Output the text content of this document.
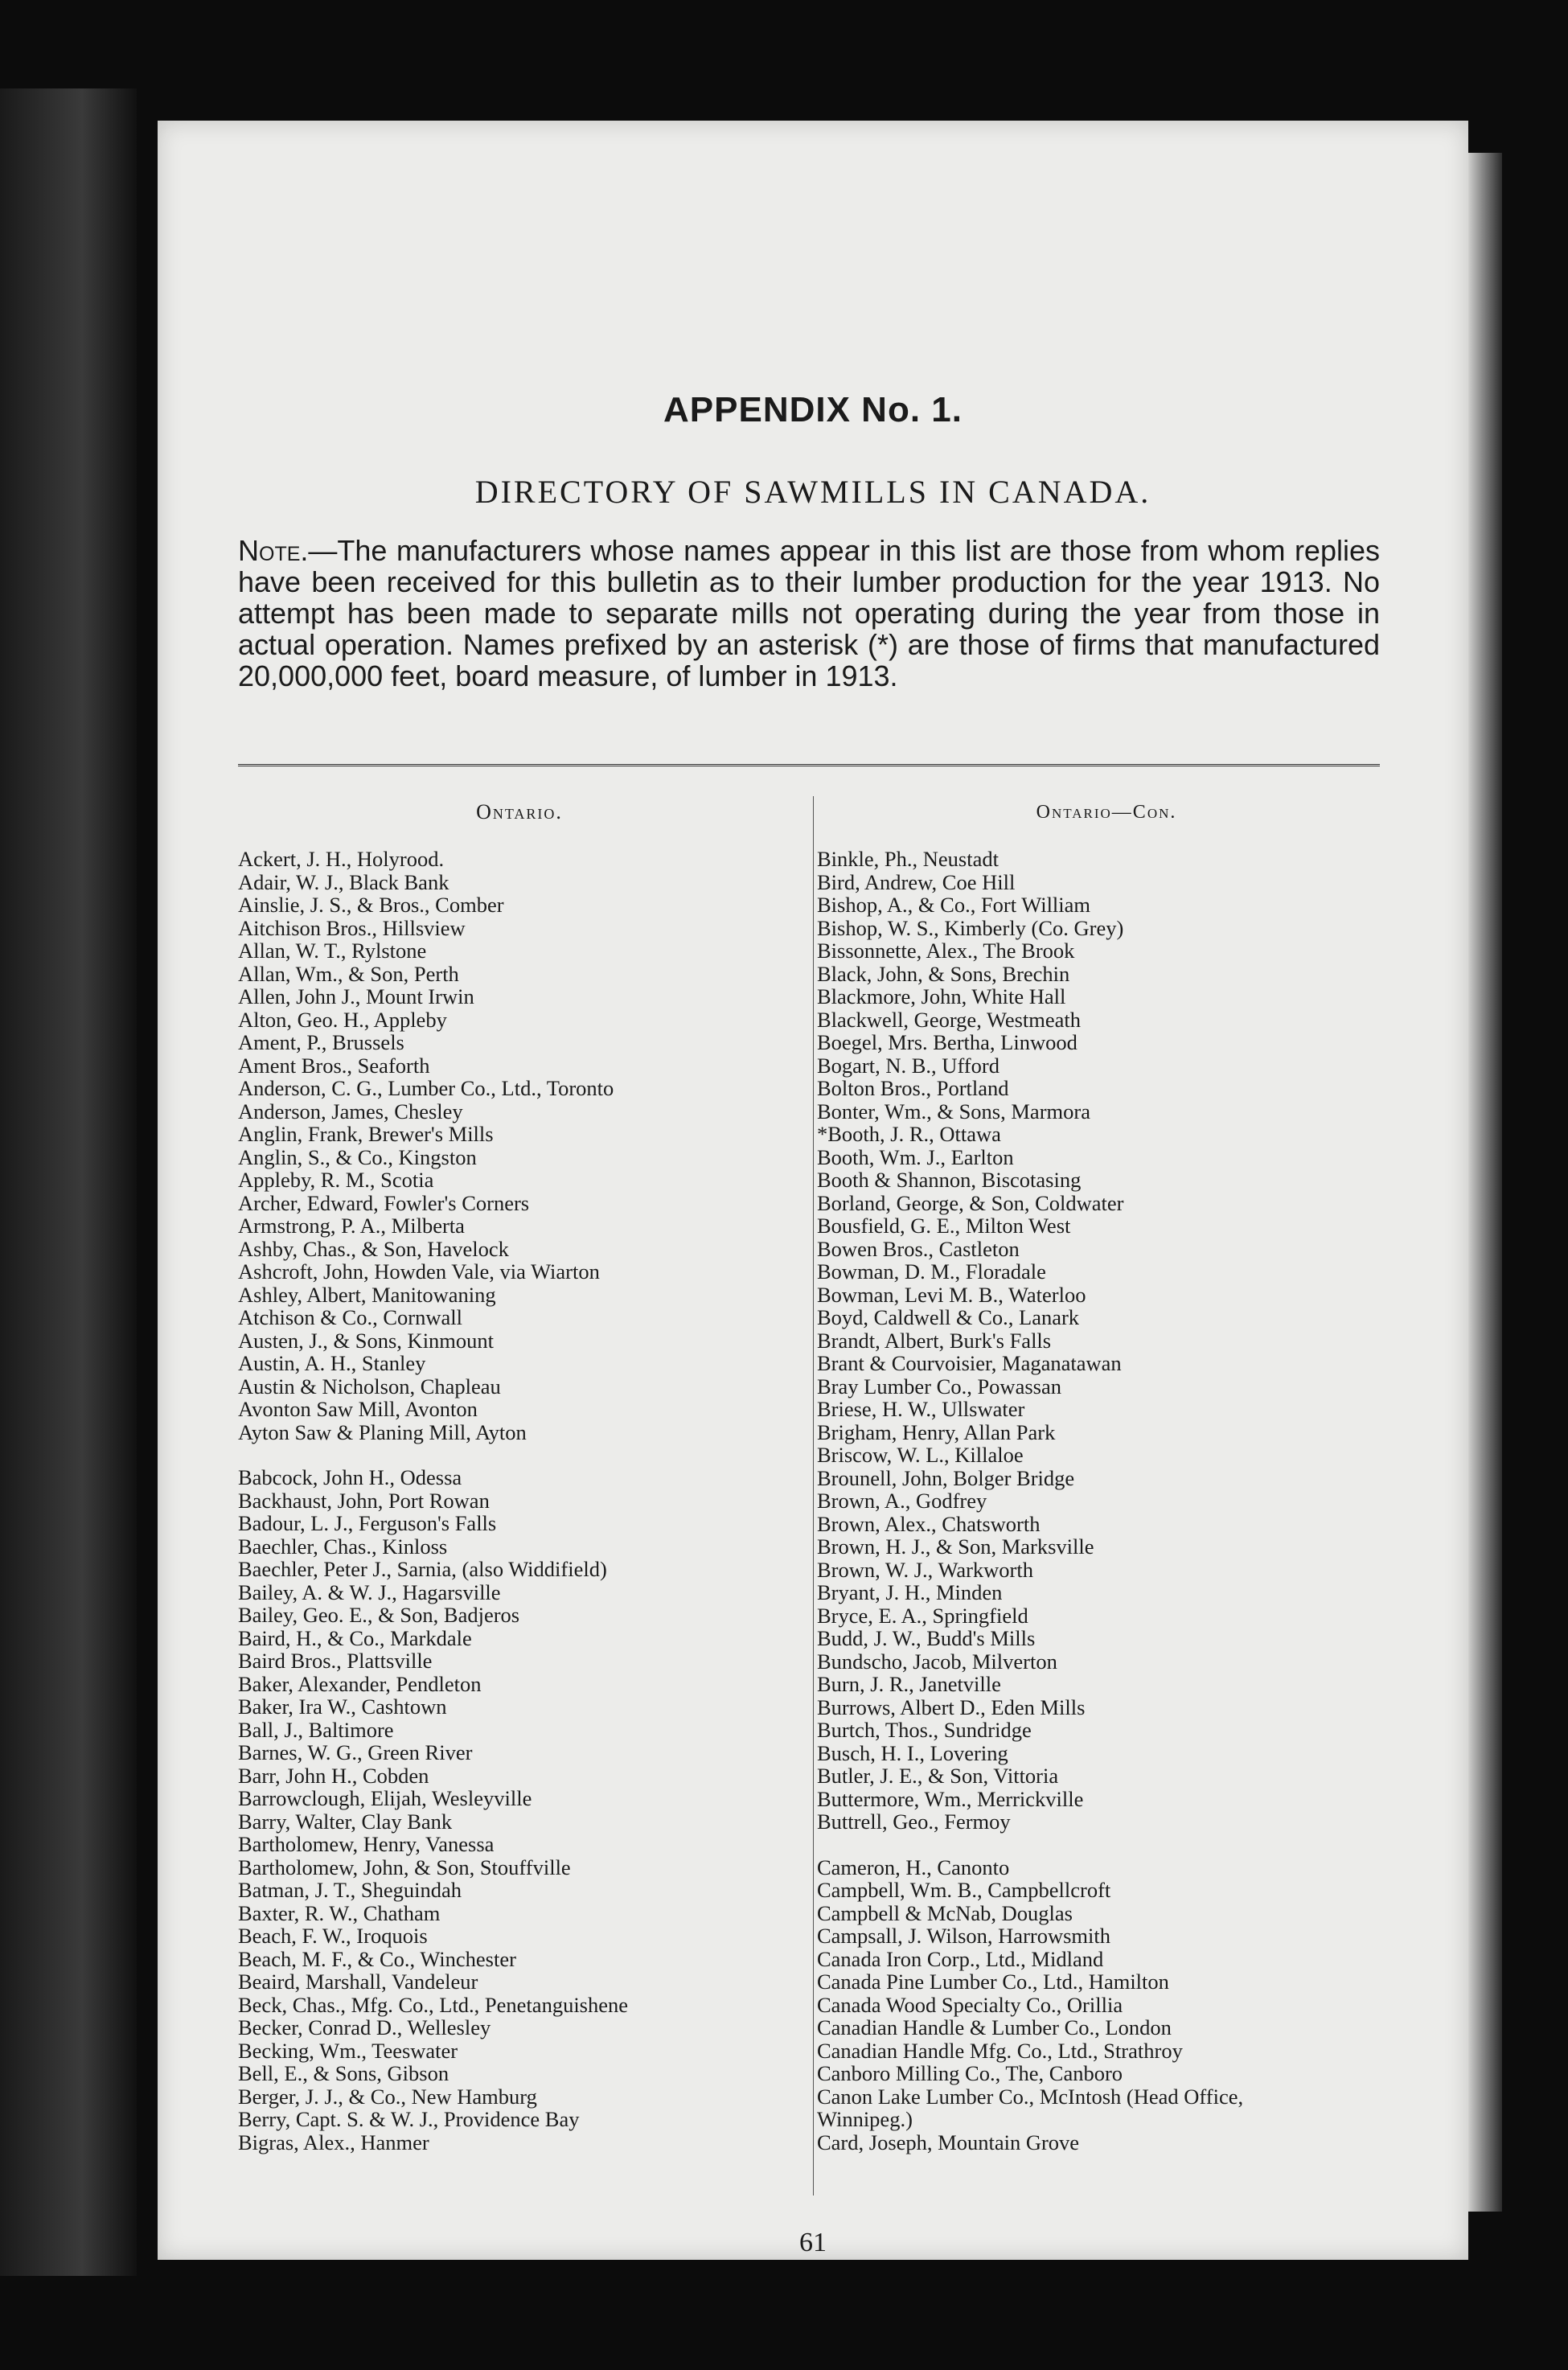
APPENDIX No. 1.
DIRECTORY OF SAWMILLS IN CANADA.
Note.—The manufacturers whose names appear in this list are those from whom replies have been received for this bulletin as to their lumber production for the year 1913. No attempt has been made to separate mills not operating during the year from those in actual operation. Names prefixed by an asterisk (*) are those of firms that manufactured 20,000,000 feet, board measure, of lumber in 1913.
Ontario.
Ackert, J. H., Holyrood.
Adair, W. J., Black Bank
Ainslie, J. S., & Bros., Comber
Aitchison Bros., Hillsview
Allan, W. T., Rylstone
Allan, Wm., & Son, Perth
Allen, John J., Mount Irwin
Alton, Geo. H., Appleby
Ament, P., Brussels
Ament Bros., Seaforth
Anderson, C. G., Lumber Co., Ltd., Toronto
Anderson, James, Chesley
Anglin, Frank, Brewer's Mills
Anglin, S., & Co., Kingston
Appleby, R. M., Scotia
Archer, Edward, Fowler's Corners
Armstrong, P. A., Milberta
Ashby, Chas., & Son, Havelock
Ashcroft, John, Howden Vale, via Wiarton
Ashley, Albert, Manitowaning
Atchison & Co., Cornwall
Austen, J., & Sons, Kinmount
Austin, A. H., Stanley
Austin & Nicholson, Chapleau
Avonton Saw Mill, Avonton
Ayton Saw & Planing Mill, Ayton
Babcock, John H., Odessa
Backhaust, John, Port Rowan
Badour, L. J., Ferguson's Falls
Baechler, Chas., Kinloss
Baechler, Peter J., Sarnia, (also Widdifield)
Bailey, A. & W. J., Hagarsville
Bailey, Geo. E., & Son, Badjeros
Baird, H., & Co., Markdale
Baird Bros., Plattsville
Baker, Alexander, Pendleton
Baker, Ira W., Cashtown
Ball, J., Baltimore
Barnes, W. G., Green River
Barr, John H., Cobden
Barrowclough, Elijah, Wesleyville
Barry, Walter, Clay Bank
Bartholomew, Henry, Vanessa
Bartholomew, John, & Son, Stouffville
Batman, J. T., Sheguindah
Baxter, R. W., Chatham
Beach, F. W., Iroquois
Beach, M. F., & Co., Winchester
Beaird, Marshall, Vandeleur
Beck, Chas., Mfg. Co., Ltd., Penetanguishene
Becker, Conrad D., Wellesley
Becking, Wm., Teeswater
Bell, E., & Sons, Gibson
Berger, J. J., & Co., New Hamburg
Berry, Capt. S. & W. J., Providence Bay
Bigras, Alex., Hanmer
Ontario—Con.
Binkle, Ph., Neustadt
Bird, Andrew, Coe Hill
Bishop, A., & Co., Fort William
Bishop, W. S., Kimberly (Co. Grey)
Bissonnette, Alex., The Brook
Black, John, & Sons, Brechin
Blackmore, John, White Hall
Blackwell, George, Westmeath
Boegel, Mrs. Bertha, Linwood
Bogart, N. B., Ufford
Bolton Bros., Portland
Bonter, Wm., & Sons, Marmora
*Booth, J. R., Ottawa
Booth, Wm. J., Earlton
Booth & Shannon, Biscotasing
Borland, George, & Son, Coldwater
Bousfield, G. E., Milton West
Bowen Bros., Castleton
Bowman, D. M., Floradale
Bowman, Levi M. B., Waterloo
Boyd, Caldwell & Co., Lanark
Brandt, Albert, Burk's Falls
Brant & Courvoisier, Maganatawan
Bray Lumber Co., Powassan
Briese, H. W., Ullswater
Brigham, Henry, Allan Park
Briscow, W. L., Killaloe
Brounell, John, Bolger Bridge
Brown, A., Godfrey
Brown, Alex., Chatsworth
Brown, H. J., & Son, Marksville
Brown, W. J., Warkworth
Bryant, J. H., Minden
Bryce, E. A., Springfield
Budd, J. W., Budd's Mills
Bundscho, Jacob, Milverton
Burn, J. R., Janetville
Burrows, Albert D., Eden Mills
Burtch, Thos., Sundridge
Busch, H. I., Lovering
Butler, J. E., & Son, Vittoria
Buttermore, Wm., Merrickville
Buttrell, Geo., Fermoy
Cameron, H., Canonto
Campbell, Wm. B., Campbellcroft
Campbell & McNab, Douglas
Campsall, J. Wilson, Harrowsmith
Canada Iron Corp., Ltd., Midland
Canada Pine Lumber Co., Ltd., Hamilton
Canada Wood Specialty Co., Orillia
Canadian Handle & Lumber Co., London
Canadian Handle Mfg. Co., Ltd., Strathroy
Canboro Milling Co., The, Canboro
Canon Lake Lumber Co., McIntosh (Head Office,
Winnipeg.)
Card, Joseph, Mountain Grove
61
